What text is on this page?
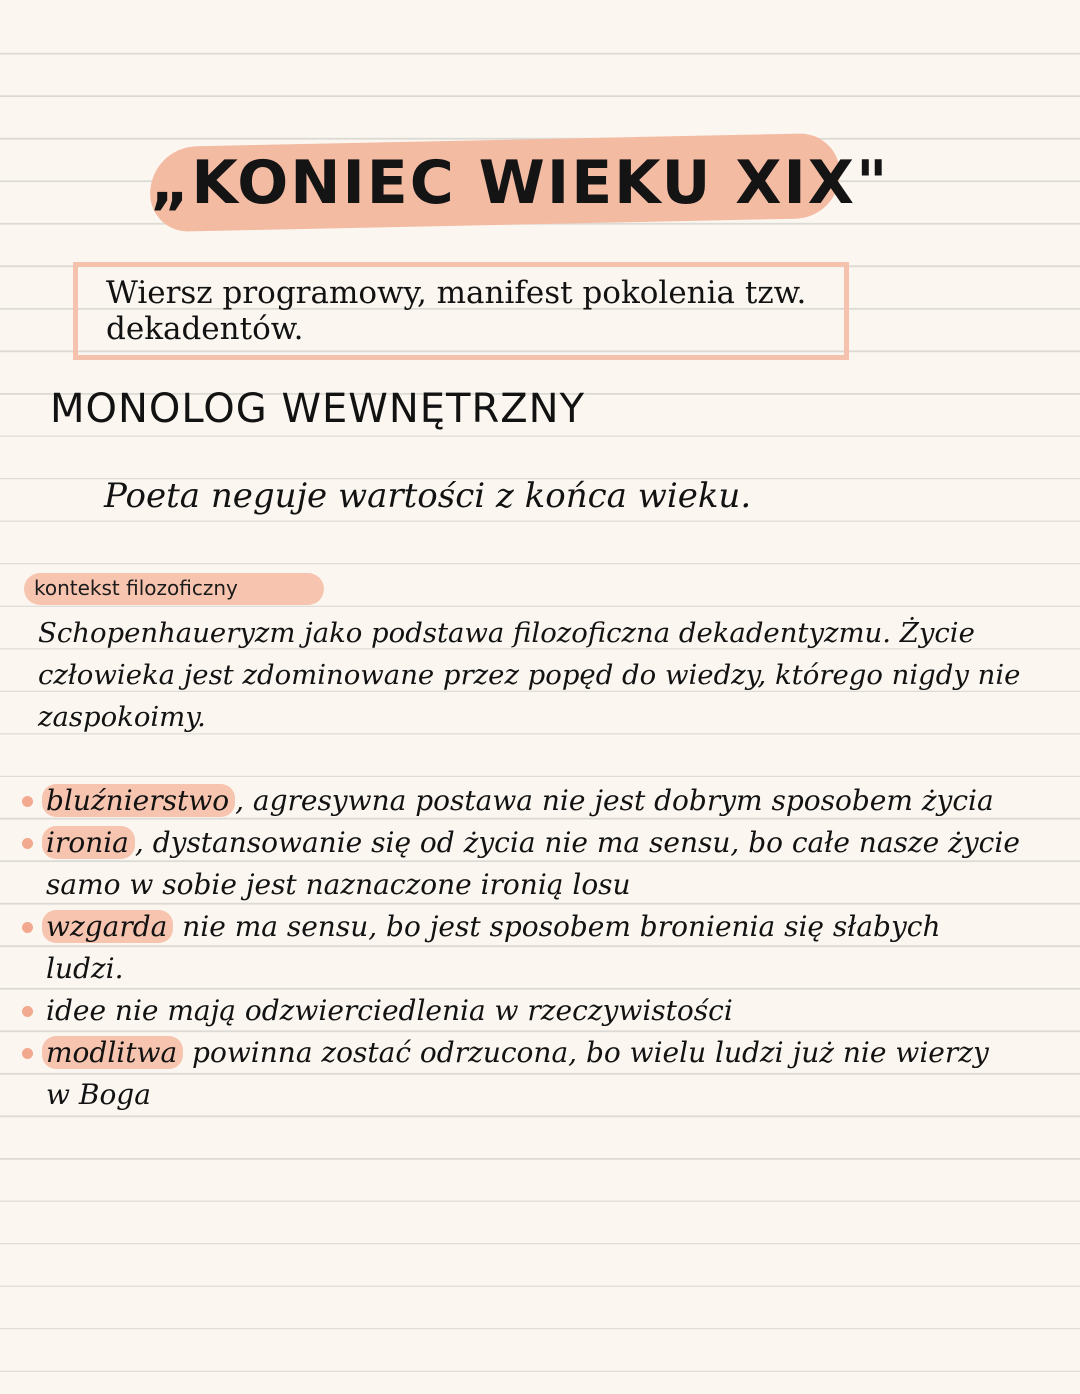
„KONIEC WIEKU XIX"
Wiersz programowy, manifest pokolenia tzw. dekadentów.
MONOLOG WEWNĘTRZNY
Poeta neguje wartości z końca wieku.
kontekst filozoficzny
Schopenhaueryzm jako podstawa filozoficzna dekadentyzmu. Życie człowieka jest zdominowane przez popęd do wiedzy, którego nigdy nie zaspokoimy.
bluźnierstwo , agresywna postawa nie jest dobrym sposobem życia
ironia , dystansowanie się od życia nie ma sensu, bo całe nasze życie samo w sobie jest naznaczone ironią losu
wzgarda nie ma sensu, bo jest sposobem bronienia się słabych ludzi.
idee nie mają odzwierciedlenia w rzeczywistości
modlitwa powinna zostać odrzucona, bo wielu ludzi już nie wierzy w Boga
